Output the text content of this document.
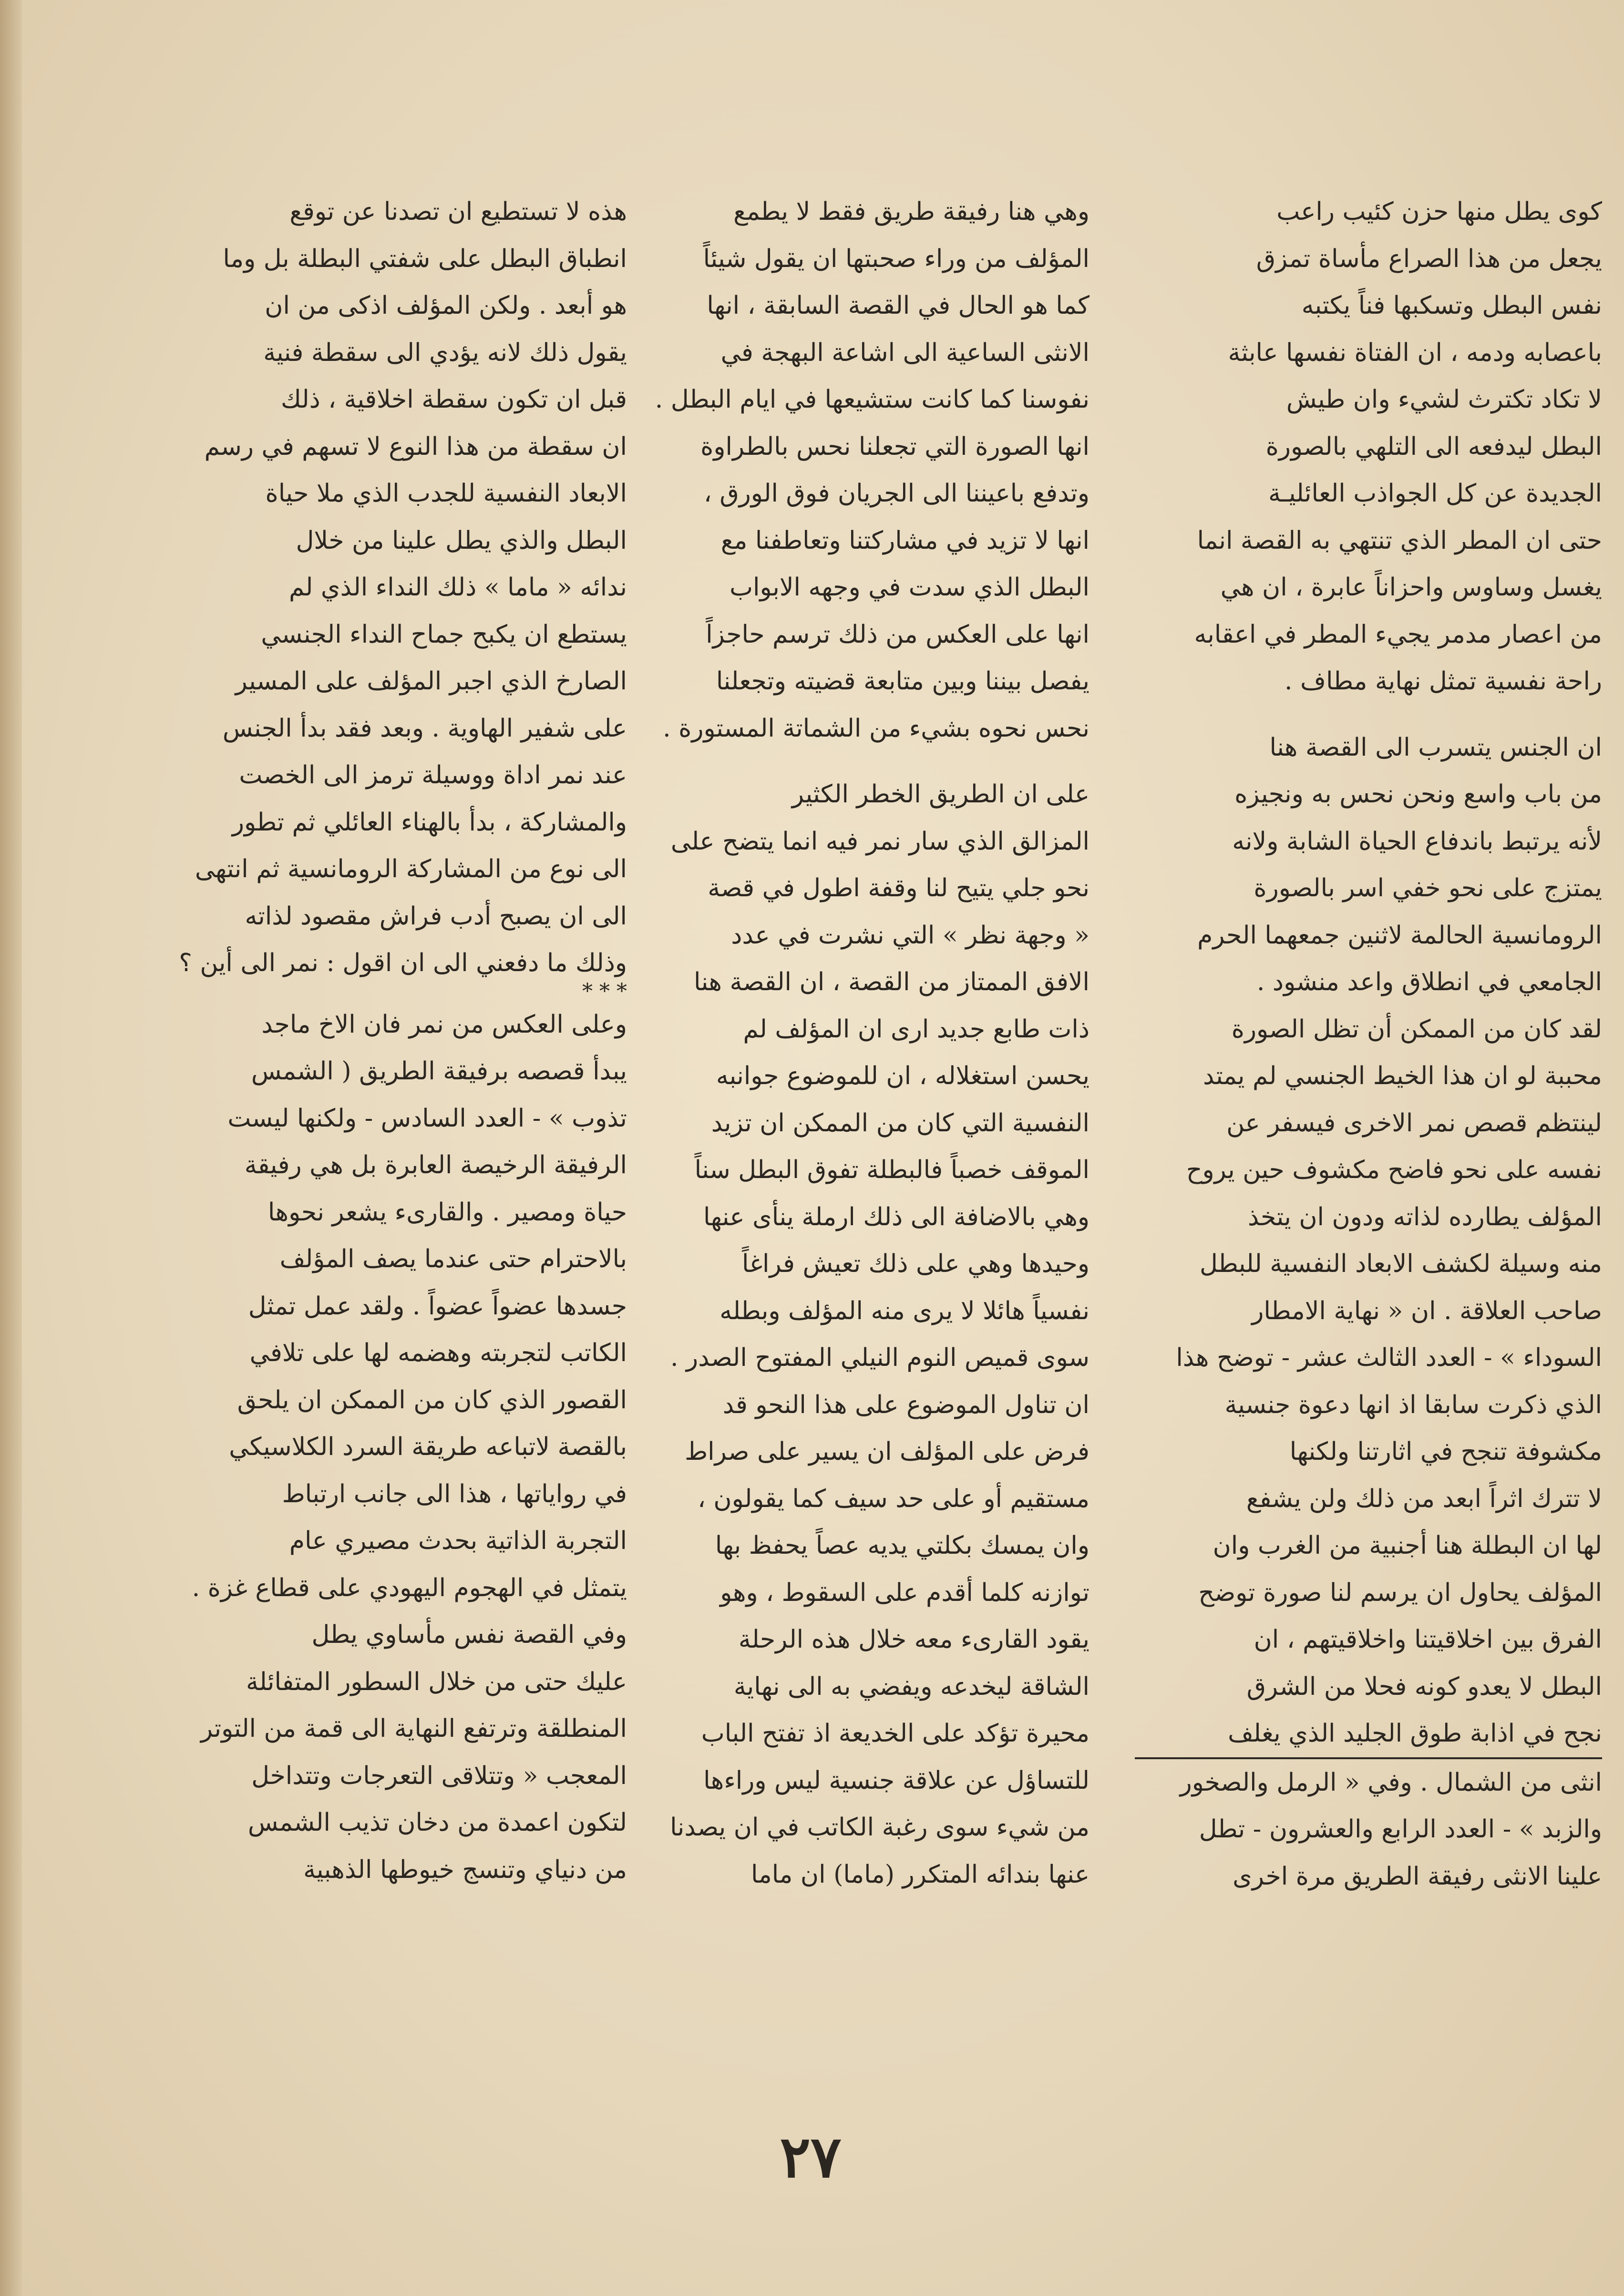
كوى يطل منها حزن كئيب راعب
يجعل من هذا الصراع مأساة تمزق
نفس البطل وتسكبها فناً يكتبه
باعصابه ودمه ، ان الفتاة نفسها عابثة
لا تكاد تكترث لشيء وان طيش
البطل ليدفعه الى التلهي بالصورة
الجديدة عن كل الجواذب العائليـة
حتى ان المطر الذي تنتهي به القصة انما
يغسل وساوس واحزاناً عابرة ، ان هي
من اعصار مدمر يجيء المطر في اعقابه
راحة نفسية تمثل نهاية مطاف .
ان الجنس يتسرب الى القصة هنا
من باب واسع ونحن نحس به ونجيزه
لأنه يرتبط باندفاع الحياة الشابة ولانه
يمتزج على نحو خفي اسر بالصورة
الرومانسية الحالمة لاثنين جمعهما الحرم
الجامعي في انطلاق واعد منشود .
لقد كان من الممكن أن تظل الصورة
محببة لو ان هذا الخيط الجنسي لم يمتد
لينتظم قصص نمر الاخرى فيسفر عن
نفسه على نحو فاضح مكشوف حين يروح
المؤلف يطارده لذاته ودون ان يتخذ
منه وسيلة لكشف الابعاد النفسية للبطل
صاحب العلاقة . ان « نهاية الامطار
السوداء » - العدد الثالث عشر - توضح هذا
الذي ذكرت سابقا اذ انها دعوة جنسية
مكشوفة تنجح في اثارتنا ولكنها
لا تترك اثراً ابعد من ذلك ولن يشفع
لها ان البطلة هنا أجنبية من الغرب وان
المؤلف يحاول ان يرسم لنا صورة توضح
الفرق بين اخلاقيتنا واخلاقيتهم ، ان
البطل لا يعدو كونه فحلا من الشرق
نجح في اذابة طوق الجليد الذي يغلف
انثى من الشمال . وفي « الرمل والصخور
والزبد » - العدد الرابع والعشرون - تطل
علينا الانثى رفيقة الطريق مرة اخرى
وهي هنا رفيقة طريق فقط لا يطمع
المؤلف من وراء صحبتها ان يقول شيئاً
كما هو الحال في القصة السابقة ، انها
الانثى الساعية الى اشاعة البهجة في
نفوسنا كما كانت ستشيعها في ايام البطل .
انها الصورة التي تجعلنا نحس بالطراوة
وتدفع باعيننا الى الجريان فوق الورق ،
انها لا تزيد في مشاركتنا وتعاطفنا مع
البطل الذي سدت في وجهه الابواب
انها على العكس من ذلك ترسم حاجزاً
يفصل بيننا وبين متابعة قضيته وتجعلنا
نحس نحوه بشيء من الشماتة المستورة .
على ان الطريق الخطر الكثير
المزالق الذي سار نمر فيه انما يتضح على
نحو جلي يتيح لنا وقفة اطول في قصة
« وجهة نظر » التي نشرت في عدد
الافق الممتاز من القصة ، ان القصة هنا
ذات طابع جديد ارى ان المؤلف لم
يحسن استغلاله ، ان للموضوع جوانبه
النفسية التي كان من الممكن ان تزيد
الموقف خصباً فالبطلة تفوق البطل سناً
وهي بالاضافة الى ذلك ارملة ينأى عنها
وحيدها وهي على ذلك تعيش فراغاً
نفسياً هائلا لا يرى منه المؤلف وبطله
سوى قميص النوم النيلي المفتوح الصدر .
ان تناول الموضوع على هذا النحو قد
فرض على المؤلف ان يسير على صراط
مستقيم أو على حد سيف كما يقولون ،
وان يمسك بكلتي يديه عصاً يحفظ بها
توازنه كلما أقدم على السقوط ، وهو
يقود القارىء معه خلال هذه الرحلة
الشاقة ليخدعه ويفضي به الى نهاية
محيرة تؤكد على الخديعة اذ تفتح الباب
للتساؤل عن علاقة جنسية ليس وراءها
من شيء سوى رغبة الكاتب في ان يصدنا
عنها بندائه المتكرر (ماما) ان ماما
هذه لا تستطيع ان تصدنا عن توقع
انطباق البطل على شفتي البطلة بل وما
هو أبعد . ولكن المؤلف اذكى من ان
يقول ذلك لانه يؤدي الى سقطة فنية
قبل ان تكون سقطة اخلاقية ، ذلك
ان سقطة من هذا النوع لا تسهم في رسم
الابعاد النفسية للجدب الذي ملا حياة
البطل والذي يطل علينا من خلال
ندائه « ماما » ذلك النداء الذي لم
يستطع ان يكبح جماح النداء الجنسي
الصارخ الذي اجبر المؤلف على المسير
على شفير الهاوية . وبعد فقد بدأ الجنس
عند نمر اداة ووسيلة ترمز الى الخصت
والمشاركة ، بدأ بالهناء العائلي ثم تطور
الى نوع من المشاركة الرومانسية ثم انتهى
الى ان يصبح أدب فراش مقصود لذاته
وذلك ما دفعني الى ان اقول : نمر الى أين ؟
* * *
وعلى العكس من نمر فان الاخ ماجد
يبدأ قصصه برفيقة الطريق ( الشمس
تذوب » - العدد السادس - ولكنها ليست
الرفيقة الرخيصة العابرة بل هي رفيقة
حياة ومصير . والقارىء يشعر نحوها
بالاحترام حتى عندما يصف المؤلف
جسدها عضواً عضواً . ولقد عمل تمثل
الكاتب لتجربته وهضمه لها على تلافي
القصور الذي كان من الممكن ان يلحق
بالقصة لاتباعه طريقة السرد الكلاسيكي
في رواياتها ، هذا الى جانب ارتباط
التجربة الذاتية بحدث مصيري عام
يتمثل في الهجوم اليهودي على قطاع غزة .
وفي القصة نفس مأساوي يطل
عليك حتى من خلال السطور المتفائلة
المنطلقة وترتفع النهاية الى قمة من التوتر
المعجب « وتتلاقى التعرجات وتتداخل
لتكون اعمدة من دخان تذيب الشمس
من دنياي وتنسج خيوطها الذهبية
٢٧
